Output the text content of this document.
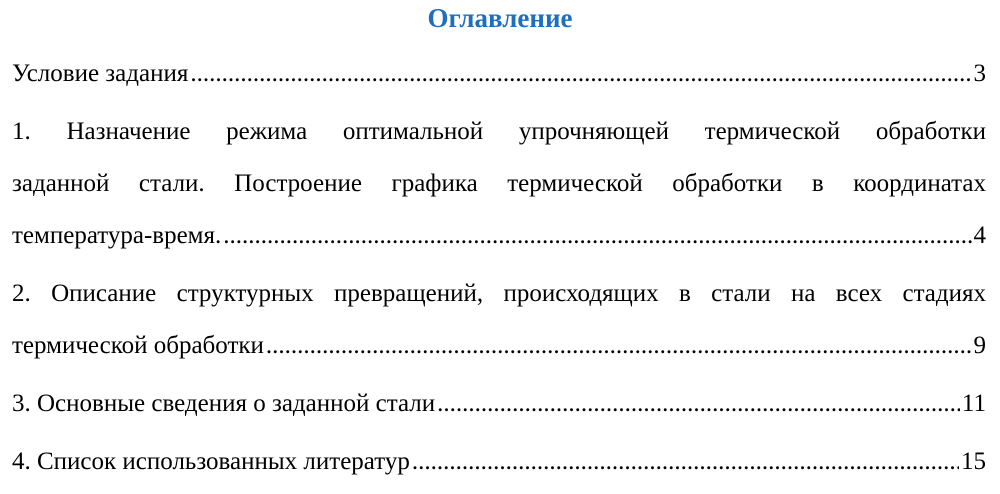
Оглавление
Условие задания .....	3
1. Назначение режима оптимальной упрочняющей термической обработки
заданной стали. Построение графика термической обработки в координатах
температура-время. .....	4
2. Описание структурных превращений, происходящих в стали на всех стадиях
термической обработки .....	9
3. Основные сведения о заданной стали .....	11
4. Список использованных литератур .....	15
